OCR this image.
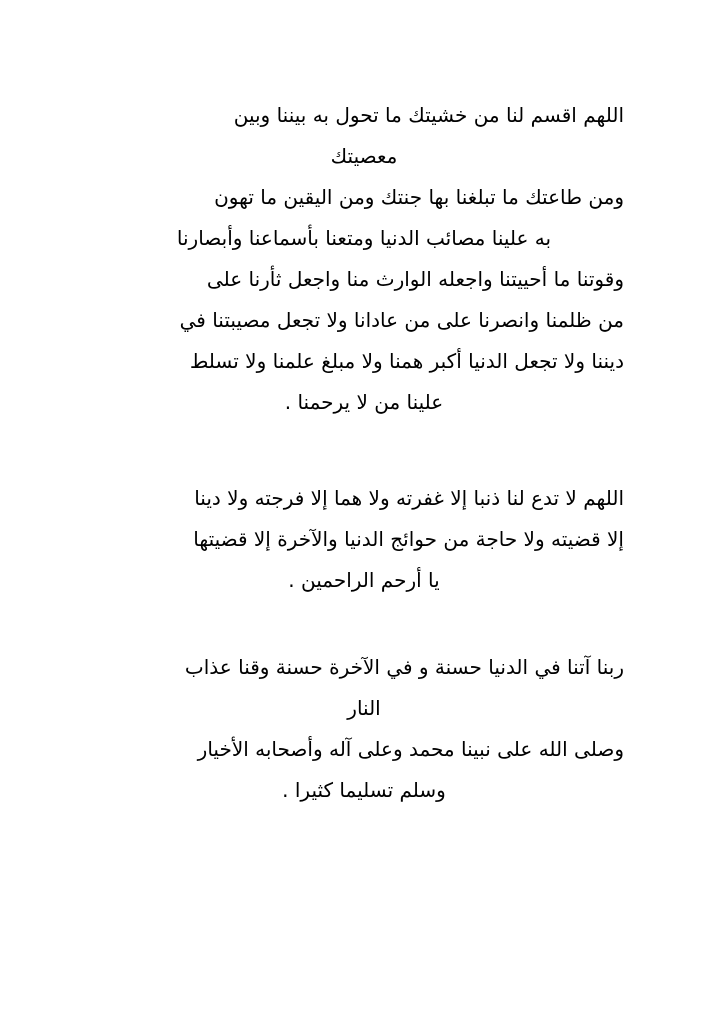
اللهم اقسم لنا من خشيتك ما تحول به بيننا وبين
معصيتك
ومن طاعتك ما تبلغنا بها جنتك ومن اليقين ما تهون
به علينا مصائب الدنيا ومتعنا بأسماعنا وأبصارنا
وقوتنا ما أحييتنا واجعله الوارث منا واجعل ثأرنا على
من ظلمنا وانصرنا على من عادانا ولا تجعل مصيبتنا في
ديننا ولا تجعل الدنيا أكبر همنا ولا مبلغ علمنا ولا تسلط
علينا من لا يرحمنا .
اللهم لا تدع لنا ذنبا إلا غفرته ولا هما إلا فرجته ولا دينا
إلا قضيته ولا حاجة من حوائج الدنيا والآخرة إلا قضيتها
يا أرحم الراحمين .
ربنا آتنا في الدنيا حسنة و في الآخرة حسنة وقنا عذاب
النار
وصلى الله على نبينا محمد وعلى آله وأصحابه الأخيار
وسلم تسليما كثيرا .
